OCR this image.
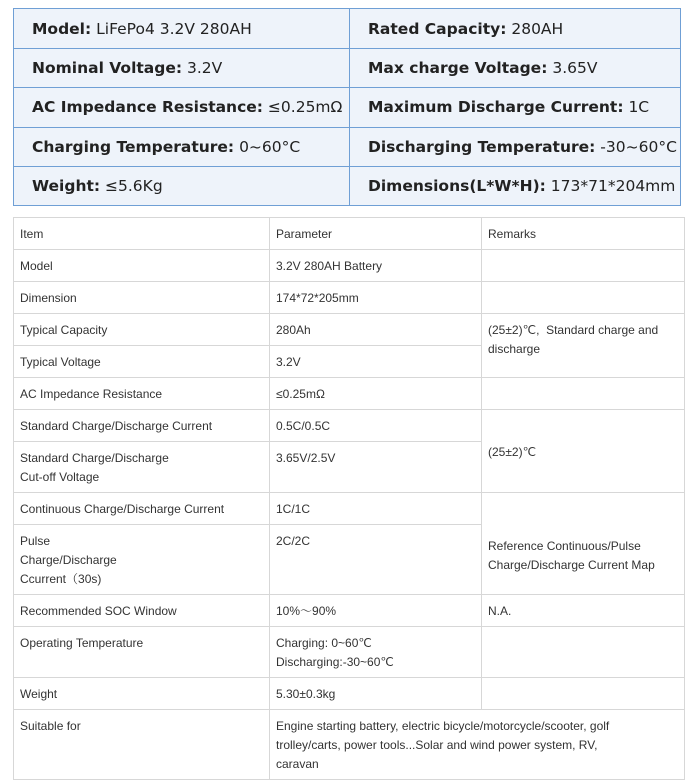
Model: LiFePo4 3.2V 280AH	Rated Capacity: 280AH
Nominal Voltage: 3.2V	Max charge Voltage: 3.65V
AC Impedance Resistance: ≤0.25mΩ Maximum Discharge Current: 1C
Charging Temperature: 0~60°C	Discharging Temperature: -30~60°C
Weight: ≤5.6Kg	Dimensions(L*W*H): 173*71*204mm
Item	Parameter	Remarks
Model	3.2V 280AH Battery	
Dimension	174*72*205mm	
Typical Capacity	280Ah	(25±2)℃,  Standard charge and discharge
Typical Voltage	3.2V	
AC Impedance Resistance	≤0.25mΩ	
Standard Charge/Discharge Current	0.5C/0.5C	(25±2)℃

Standard Charge/Discharge
Cut-off Voltage	3.65V/2.5V	
Continuous Charge/Discharge Current	1C/1C	Reference Continuous/Pulse
Charge/Discharge Current Map

Pulse
Charge/Discharge
Ccurrent（30s)	2C/2C	
Recommended SOC Window	10%～90%	N.A.
Operating Temperature	Charging: 0~60℃
Discharging:-30~60℃	

Weight	5.30±0.3kg	
Suitable for	Engine starting battery, electric bicycle/motorcycle/scooter, golf
trolley/carts, power tools...Solar and wind power system, RV,
caravan	
